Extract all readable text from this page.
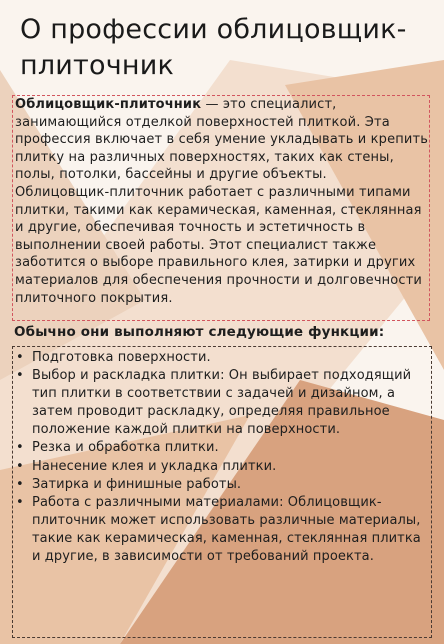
О профессии облицовщик-плиточник

Облицовщик-плиточник — это специалист, занимающийся отделкой поверхностей плиткой. Эта профессия включает в себя умение укладывать и крепить плитку на различных поверхностях, таких как стены, полы, потолки, бассейны и другие объекты.

Облицовщик-плиточник работает с различными типами плитки, такими как керамическая, каменная, стеклянная и другие, обеспечивая точность и эстетичность в выполнении своей работы. Этот специалист также заботится о выборе правильного клея, затирки и других материалов для обеспечения прочности и долговечности плиточного покрытия.

Обычно они выполняют следующие функции:
• Подготовка поверхности.
• Выбор и раскладка плитки: Он выбирает подходящий тип плитки в соответствии с задачей и дизайном, а затем проводит раскладку, определяя правильное положение каждой плитки на поверхности.
• Резка и обработка плитки.
• Нанесение клея и укладка плитки.
• Затирка и финишные работы.
• Работа с различными материалами: Облицовщик-плиточник может использовать различные материалы, такие как керамическая, каменная, стеклянная плитка и другие, в зависимости от требований проекта.
